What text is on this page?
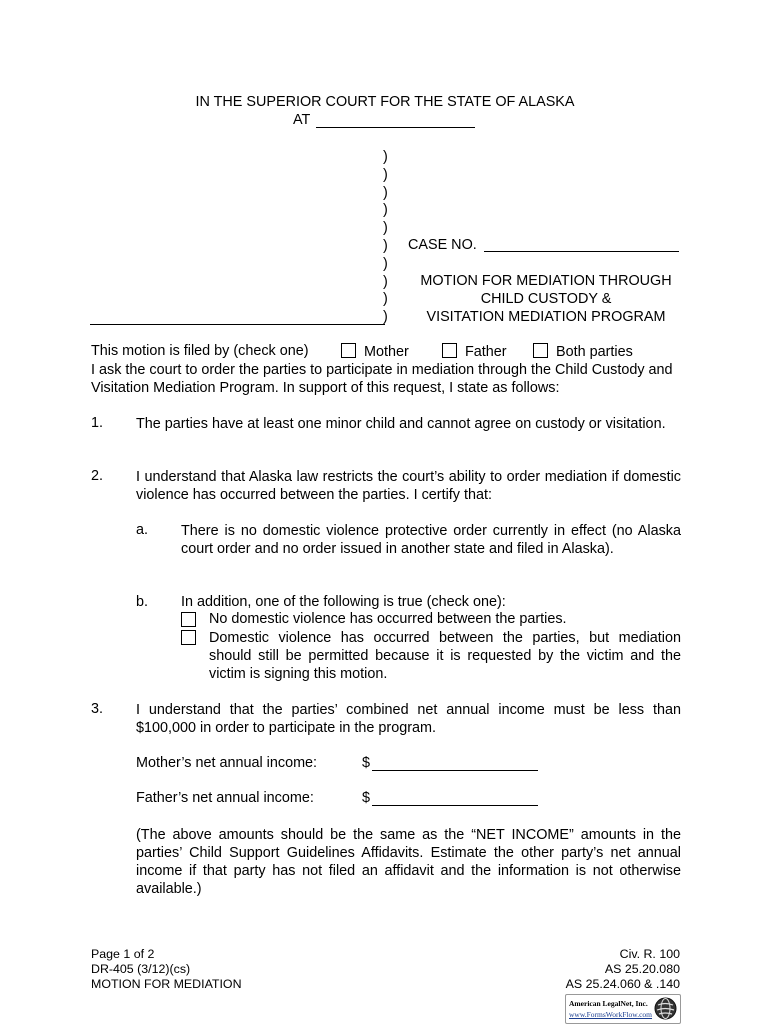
IN THE SUPERIOR COURT FOR THE STATE OF ALASKA
AT
)
)
)
)
)
)
)
)
)
)
CASE NO.
MOTION FOR MEDIATION THROUGH
CHILD CUSTODY &
VISITATION MEDIATION PROGRAM
This motion is filed by (check one)	Mother	Father	Both parties
I ask the court to order the parties to participate in mediation through the Child Custody and Visitation Mediation Program. In support of this request, I state as follows:
1. The parties have at least one minor child and cannot agree on custody or visitation.
2. I understand that Alaska law restricts the court’s ability to order mediation if domestic violence has occurred between the parties. I certify that:
a. There is no domestic violence protective order currently in effect (no Alaska court order and no order issued in another state and filed in Alaska).
b. In addition, one of the following is true (check one):
No domestic violence has occurred between the parties.
Domestic violence has occurred between the parties, but mediation should still be permitted because it is requested by the victim and the victim is signing this motion.
3. I understand that the parties’ combined net annual income must be less than $100,000 in order to participate in the program.
Mother’s net annual income:	$
Father’s net annual income:	$
(The above amounts should be the same as the “NET INCOME” amounts in the parties’ Child Support Guidelines Affidavits. Estimate the other party’s net annual income if that party has not filed an affidavit and the information is not otherwise available.)
Page 1 of 2
DR-405 (3/12)(cs)
MOTION FOR MEDIATION
Civ. R. 100
AS 25.20.080
AS 25.24.060 & .140
American LegalNet, Inc.
www.FormsWorkFlow.com
